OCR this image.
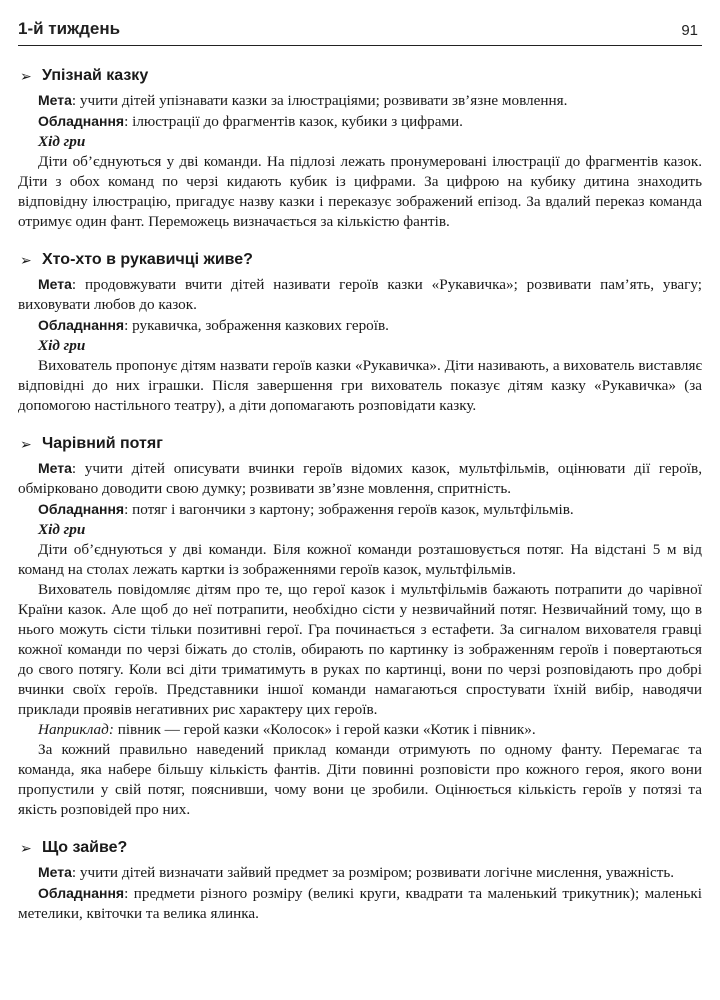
1-й тиждень	91
➢ Упізнай казку

Мета: учити дітей упізнавати казки за ілюстраціями; розвивати зв’язне мовлення.

Обладнання: ілюстрації до фрагментів казок, кубики з цифрами.

Хід гри

Діти об’єднуються у дві команди. На підлозі лежать пронумеровані ілюстрації до фрагментів казок. Діти з обох команд по черзі кидають кубик із цифрами. За цифрою на кубику дитина знаходить відповідну ілюстрацію, пригадує назву казки і переказує зображений епізод. За вдалий переказ команда отримує один фант. Переможець визначається за кількістю фантів.

➢ Хто-хто в рукавичці живе?

Мета: продовжувати вчити дітей називати героїв казки «Рукавичка»; розвивати пам’ять, увагу; виховувати любов до казок.

Обладнання: рукавичка, зображення казкових героїв.

Хід гри

Вихователь пропонує дітям назвати героїв казки «Рукавичка». Діти називають, а вихователь виставляє відповідні до них іграшки. Після завершення гри вихователь показує дітям казку «Рукавичка» (за допомогою настільного театру), а діти допомагають розповідати казку.

➢ Чарівний потяг

Мета: учити дітей описувати вчинки героїв відомих казок, мультфільмів, оцінювати дії героїв, обмірковано доводити свою думку; розвивати зв’язне мовлення, спритність.

Обладнання: потяг і вагончики з картону; зображення героїв казок, мультфільмів.

Хід гри

Діти об’єднуються у дві команди. Біля кожної команди розташовується потяг. На відстані 5 м від команд на столах лежать картки із зображеннями героїв казок, мультфільмів.

Вихователь повідомляє дітям про те, що герої казок і мультфільмів бажають потрапити до чарівної Країни казок. Але щоб до неї потрапити, необхідно сісти у незвичайний потяг. Незвичайний тому, що в нього можуть сісти тільки позитивні герої. Гра починається з естафети. За сигналом вихователя гравці кожної команди по черзі біжать до столів, обирають по картинку із зображенням героїв і повертаються до свого потягу. Коли всі діти триматимуть в руках по картинці, вони по черзі розповідають про добрі вчинки своїх героїв. Представники іншої команди намагаються спростувати їхній вибір, наводячи приклади проявів негативних рис характеру цих героїв.

Наприклад: півник — герой казки «Колосок» і герой казки «Котик і півник».

За кожний правильно наведений приклад команди отримують по одному фанту. Перемагає та команда, яка набере більшу кількість фантів. Діти повинні розповісти про кожного героя, якого вони пропустили у свій потяг, пояснивши, чому вони це зробили. Оцінюється кількість героїв у потязі та якість розповідей про них.

➢ Що зайве?

Мета: учити дітей визначати зайвий предмет за розміром; розвивати логічне мислення, уважність.

Обладнання: предмети різного розміру (великі круги, квадрати та маленький трикутник); маленькі метелики, квіточки та велика ялинка.
